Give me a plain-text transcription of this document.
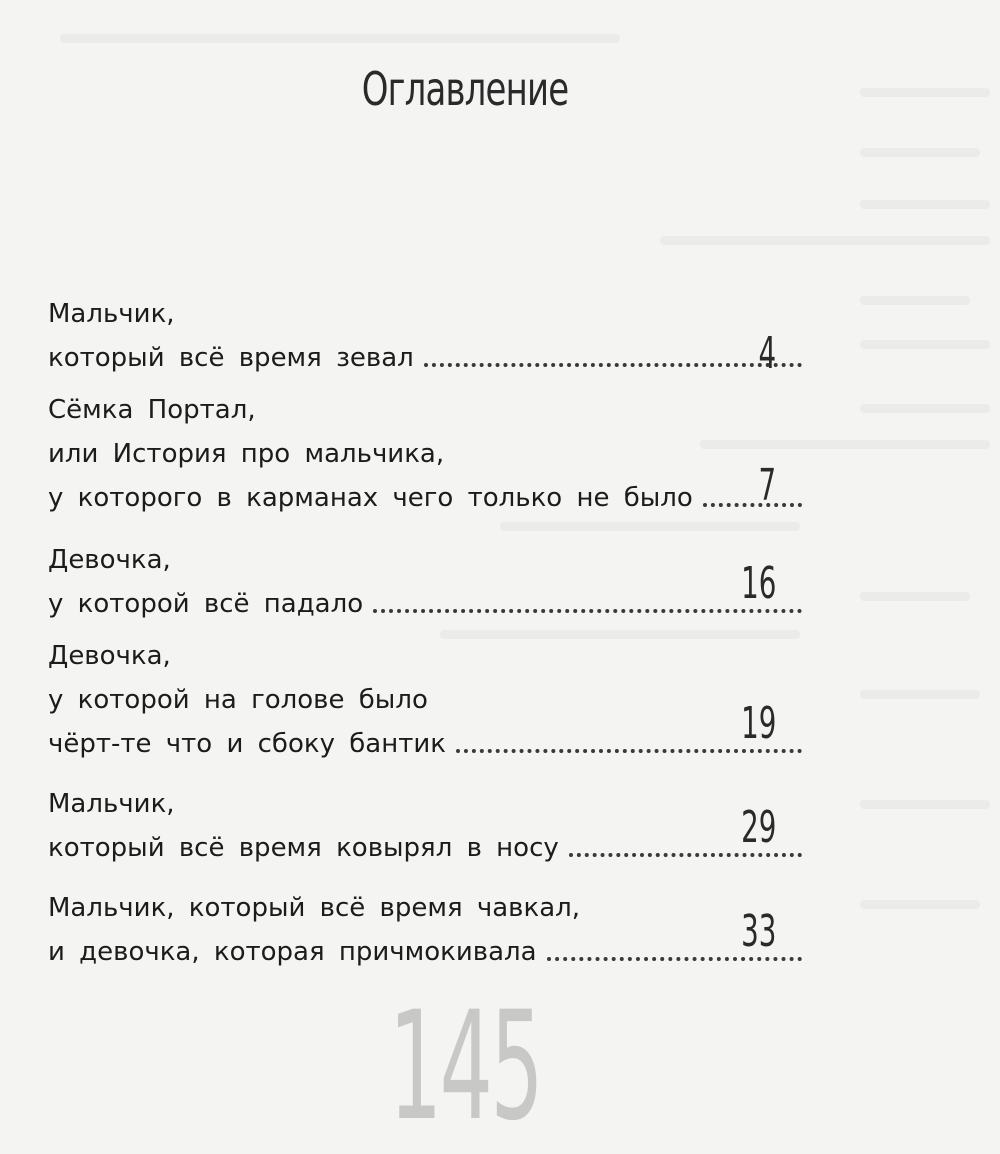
Оглавление
Мальчик,
который всё время зевал	4
Сёмка Портал,
или История про мальчика,
у которого в карманах чего только не было 7
Девочка,
у которой всё падало	16
Девочка,
у которой на голове было
чёрт-те что и сбоку бантик	19
Мальчик,
который всё время ковырял в носу	29
Мальчик, который всё время чавкал,
и девочка, которая причмокивала	33
145
